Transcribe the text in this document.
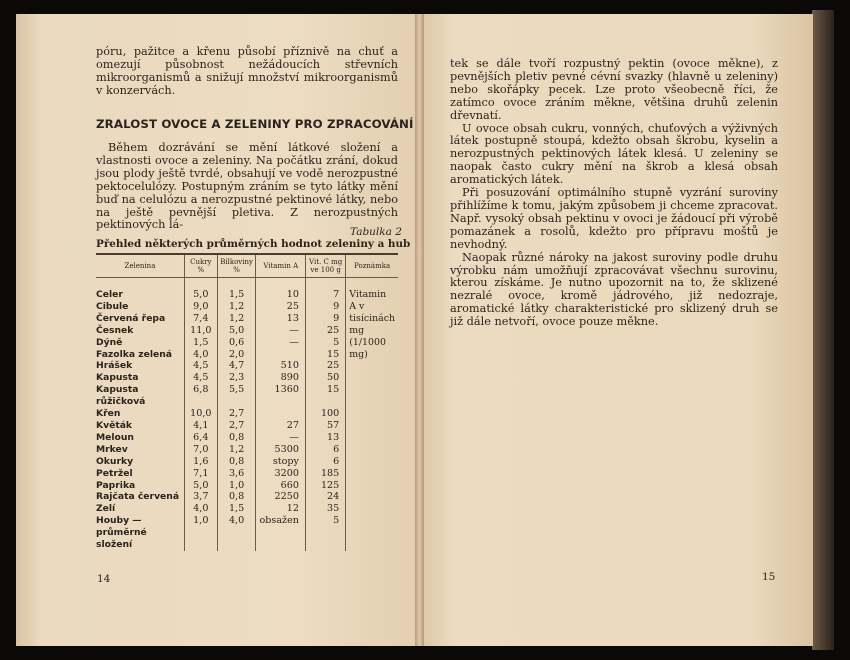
póru, pažitce a křenu působí příznivě na chuť a omezují působnost nežádoucích střevních mikroorganismů a snižují množství mikroorganismů v konzervách.

ZRALOST OVOCE A ZELENINY PRO ZPRACOVÁNÍ

Během dozrávání se mění látkové složení a vlastnosti ovoce a zeleniny. Na počátku zrání, dokud jsou plody ještě tvrdé, obsahují ve vodě nerozpustné pektocelulózy. Postupným zráním se tyto látky mění buď na celulózu a nerozpustné pektinové látky, nebo na ještě pevnější pletiva. Z nerozpustných pektinových lá-

Tabulka 2
Přehled některých průměrných hodnot zeleniny a hub
Zelenina	Cukry %	Bílkoviny %	Vitamin A	Vit. C mg ve 100 g	Poznámka
Celer	5,0	1,5	10	7	Vitamin A v tisícinách mg (1/1000 mg)
Cibule	9,0	1,2	25	9	
Červená řepa	7,4	1,2	13	9	
Česnek	11,0	5,0	—	25	
Dýně	1,5	0,6	—	5	
Fazolka zelená	4,0	2,0		15	
Hrášek	4,5	4,7	510	25	
Kapusta	4,5	2,3	890	50	
Kapusta růžičková	6,8	5,5	1360	15	
Křen	10,0	2,7		100	
Květák	4,1	2,7	27	57	
Meloun	6,4	0,8	—	13	
Mrkev	7,0	1,2	5300	6	
Okurky	1,6	0,8	stopy	6	
Petržel	7,1	3,6	3200	185	
Paprika	5,0	1,0	660	125	
Rajčata červená	3,7	0,8	2250	24	
Zelí	4,0	1,5	12	35	
Houby — průměrné složení	1,0	4,0	obsažen	5	
14

tek se dále tvoří rozpustný pektin (ovoce měkne), z pevnějších pletiv pevné cévní svazky (hlavně u zeleniny) nebo skořápky pecek. Lze proto všeobecně říci, že zatímco ovoce zráním měkne, většina druhů zelenin dřevnatí.

U ovoce obsah cukru, vonných, chuťových a výživných látek postupně stoupá, kdežto obsah škrobu, kyselin a nerozpustných pektinových látek klesá. U zeleniny se naopak často cukry mění na škrob a klesá obsah aromatických látek.

Při posuzování optimálního stupně vyzrání suroviny přihlížíme k tomu, jakým způsobem ji chceme zpracovat. Např. vysoký obsah pektinu v ovoci je žádoucí při výrobě pomazánek a rosolů, kdežto pro přípravu moštů je nevhodný.

Naopak různé nároky na jakost suroviny podle druhu výrobku nám umožňují zpracovávat všechnu surovinu, kterou získáme. Je nutno upozornit na to, že sklizené nezralé ovoce, kromě jádrového, již nedozraje, aromatické látky charakteristické pro sklizený druh se již dále netvoří, ovoce pouze měkne.

15
